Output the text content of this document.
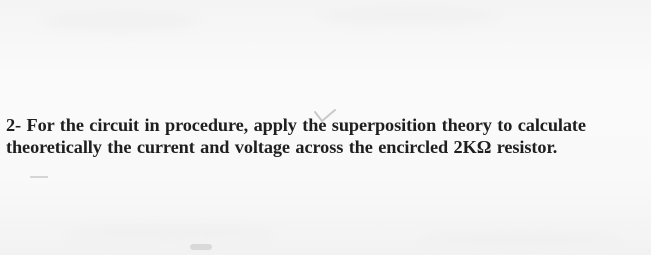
2- For the circuit in procedure, apply the superposition theory to calculate
theoretically the current and voltage across the encircled 2KΩ resistor.
